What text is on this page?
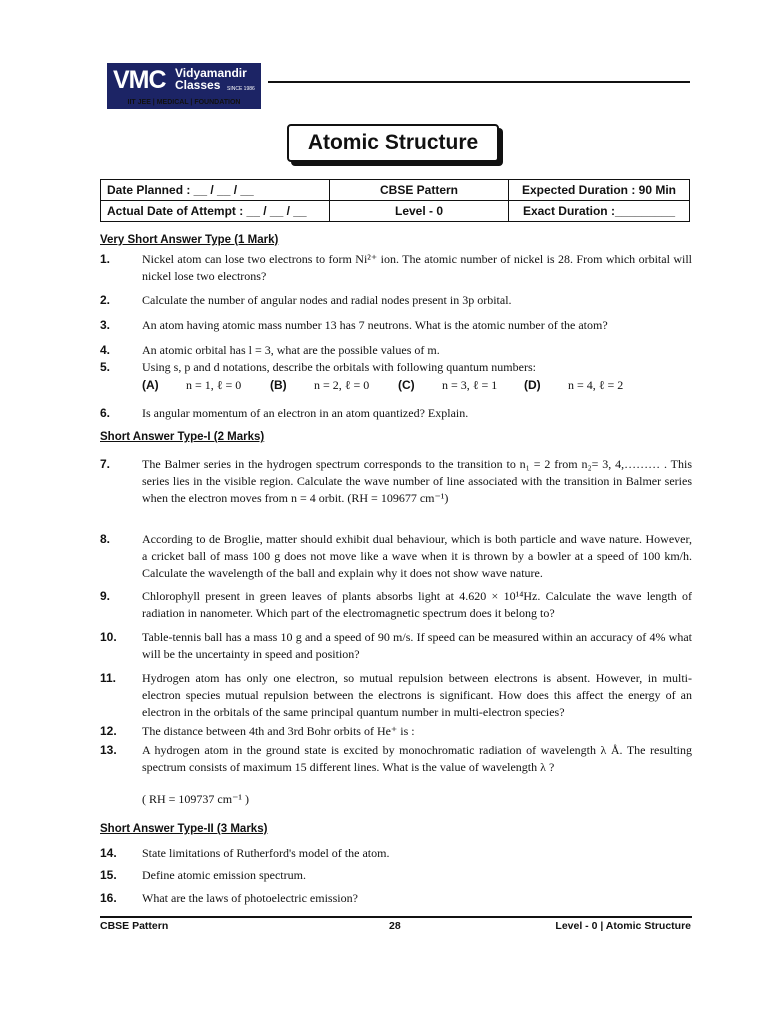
VMC Vidyamandir
Classes	SINCE 1986
IIT JEE | MEDICAL | FOUNDATION
Atomic Structure
Date Planned : __ / __ / __	CBSE Pattern	Expected Duration : 90 Min
Actual Date of Attempt : __ / __ / __	Level - 0	Exact Duration :_________
Very Short Answer Type (1 Mark)
1.	Nickel atom can lose two electrons to form Ni²⁺ ion. The atomic number of nickel is 28. From which orbital will nickel lose two electrons?
2.	Calculate the number of angular nodes and radial nodes present in 3p orbital.
3.	An atom having atomic mass number 13 has 7 neutrons. What is the atomic number of the atom?
4.	An atomic orbital has l = 3, what are the possible values of m.
5.	Using s, p and d notations, describe the orbitals with following quantum numbers:
(A) n = 1, ℓ = 0 (B) n = 2, ℓ = 0 (C) n = 3, ℓ = 1 (D) n = 4, ℓ = 2
6.	Is angular momentum of an electron in an atom quantized? Explain.
Short Answer Type-I (2 Marks)
7.	The Balmer series in the hydrogen spectrum corresponds to the transition to n₁ = 2 from n₂= 3, 4,……… . This series lies in the visible region. Calculate the wave number of line associated with the transition in Balmer series when the electron moves from n = 4 orbit. (RH = 109677 cm⁻¹)
8.	According to de Broglie, matter should exhibit dual behaviour, which is both particle and wave nature. However, a cricket ball of mass 100 g does not move like a wave when it is thrown by a bowler at a speed of 100 km/h. Calculate the wavelength of the ball and explain why it does not show wave nature.
9.	Chlorophyll present in green leaves of plants absorbs light at 4.620 × 10¹⁴Hz. Calculate the wave length of radiation in nanometer. Which part of the electromagnetic spectrum does it belong to?
10. Table-tennis ball has a mass 10 g and a speed of 90 m/s. If speed can be measured within an accuracy of 4% what will be the uncertainty in speed and position?
11. Hydrogen atom has only one electron, so mutual repulsion between electrons is absent. However, in multi-electron species mutual repulsion between the electrons is significant. How does this affect the energy of an electron in the orbitals of the same principal quantum number in multi-electron species?
12. The distance between 4th and 3rd Bohr orbits of He⁺ is :
13. A hydrogen atom in the ground state is excited by monochromatic radiation of wavelength λ Å. The resulting spectrum consists of maximum 15 different lines. What is the value of wavelength λ ?
( RH = 109737 cm⁻¹ )
Short Answer Type-II (3 Marks)
14. State limitations of Rutherford's model of the atom.
15. Define atomic emission spectrum.
16. What are the laws of photoelectric emission?
CBSE Pattern	28	Level - 0 | Atomic Structure
